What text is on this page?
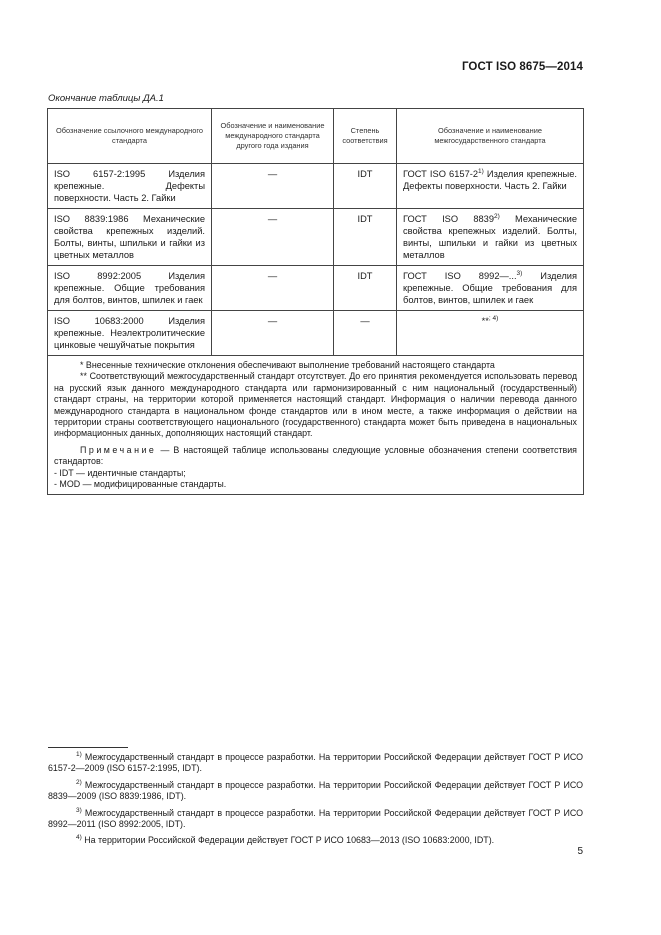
ГОСТ ISO 8675—2014
Окончание таблицы ДА.1
Обозначение ссылочного международного стандарта	Обозначение и наименование международного стандарта другого года издания	Степень соответствия	Обозначение и наименование межгосударственного стандарта
ISO 6157-2:1995 Изделия крепежные. Дефекты поверхности. Часть 2. Гайки	—	IDT	ГОСТ ISO 6157-2$^{1)}$ Изделия крепежные. Дефекты поверхности. Часть 2. Гайки
ISO 8839:1986 Механические свойства крепежных изделий. Болты, винты, шпильки и гайки из цветных металлов	—	IDT	ГОСТ ISO 8839$^{2)}$ Механические свойства крепежных изделий. Болты, винты, шпильки и гайки из цветных металлов
ISO 8992:2005 Изделия крепежные. Общие требования для болтов, винтов, шпилек и гаек	—	IDT	ГОСТ ISO 8992—...$^{3)}$ Изделия крепежные. Общие требования для болтов, винтов, шпилек и гаек
ISO 10683:2000 Изделия крепежные. Неэлектролитические цинковые чешуйчатые покрытия	—	—	**$^{; 4)}$

* Внесенные технические отклонения обеспечивают выполнение требований настоящего стандарта

** Соответствующий межгосударственный стандарт отсутствует. До его принятия рекомендуется использовать перевод на русский язык данного международного стандарта или гармонизированный с ним национальный (государственный) стандарт страны, на территории которой применяется настоящий стандарт. Информация о наличии перевода данного международного стандарта в национальном фонде стандартов или в ином месте, а также информация о действии на территории страны соответствующего национального (государственного) стандарта может быть приведена в национальных информационных данных, дополняющих настоящий стандарт.

Примечание — В настоящей таблице использованы следующие условные обозначения степени соответствия стандартов:

- IDT — идентичные стандарты;

- MOD — модифицированные стандарты.			

$^{1)}$ Межгосударственный стандарт в процессе разработки. На территории Российской Федерации действует ГОСТ Р ИСО 6157-2—2009 (ISO 6157-2:1995, IDT).

$^{2)}$ Межгосударственный стандарт в процессе разработки. На территории Российской Федерации действует ГОСТ Р ИСО 8839—2009 (ISO 8839:1986, IDT).

$^{3)}$ Межгосударственный стандарт в процессе разработки. На территории Российской Федерации действует ГОСТ Р ИСО 8992—2011 (ISO 8992:2005, IDT).

$^{4)}$ На территории Российской Федерации действует ГОСТ Р ИСО 10683—2013 (ISO 10683:2000, IDT).

5
